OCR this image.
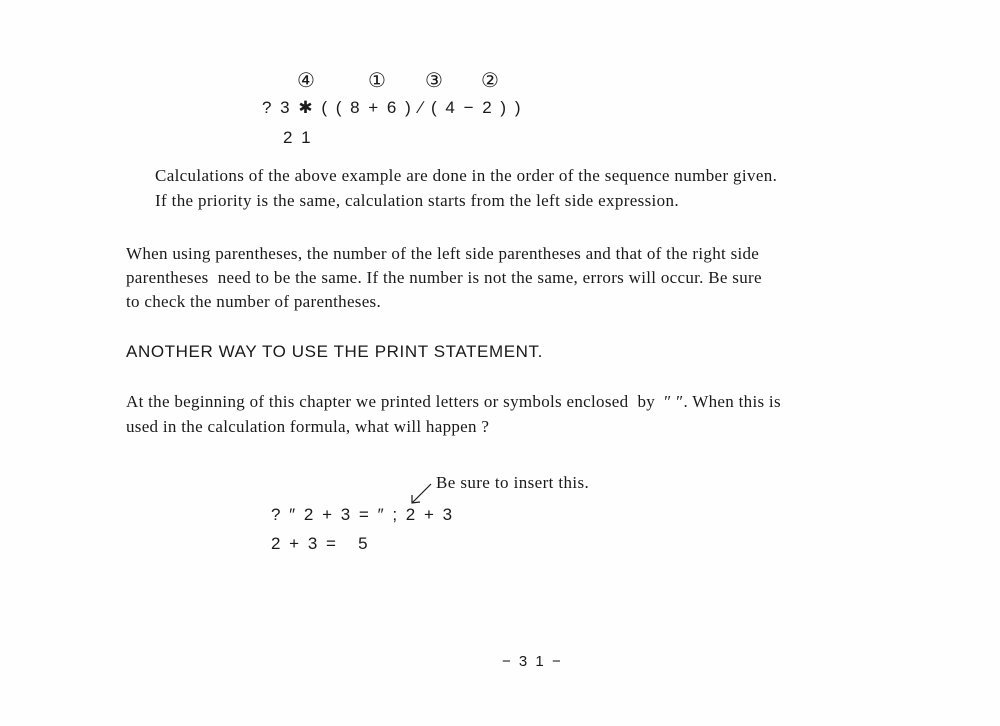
④	① ③ ②
? 3 ✱ ( ( 8 + 6 ) ∕ ( 4 − 2 ) )
2 1
Calculations of the above example are done in the order of the sequence number given.
If the priority is the same, calculation starts from the left side expression.
When using parentheses, the number of the left side parentheses and that of the right side
parentheses  need to be the same. If the number is not the same, errors will occur. Be sure
to check the number of parentheses.
ANOTHER WAY TO USE THE PRINT STATEMENT.
At the beginning of this chapter we printed letters or symbols enclosed  by  ″ ″. When this is
used in the calculation formula, what will happen ?
Be sure to insert this.
? ″ 2 + 3 = ″ ; 2 + 3
2 + 3 =   5
− 3 1 −
